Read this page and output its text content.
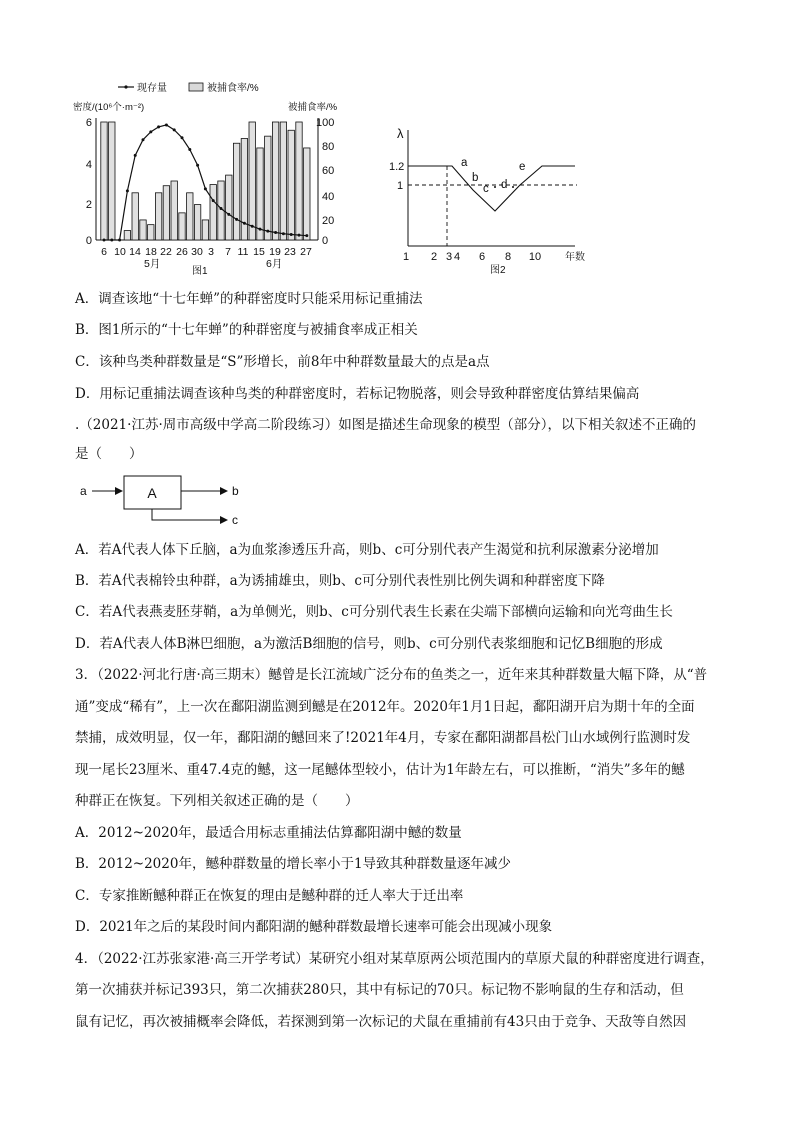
现存量	被捕食率/%
密度/(10⁶个·m⁻²)	被捕食率/%
0
2
4
6
0
20
40
60
80
100
6 10 14 18 22 26 30 3 7 11 15 19 23 27
5月	6月
图1
λ
1.2
1
a
b
c d
e
1 2 3 4 6 8 10 年数
图2
A．调查该地“十七年蝉”的种群密度时只能采用标记重捕法
B．图1所示的“十七年蝉”的种群密度与被捕食率成正相关
C．该种鸟类种群数量是“S”形增长，前8年中种群数量最大的点是a点
D．用标记重捕法调查该种鸟类的种群密度时，若标记物脱落，则会导致种群密度估算结果偏高
.（2021·江苏·周市高级中学高二阶段练习）如图是描述生命现象的模型（部分），以下相关叙述不正确的
是（　　）
a	A	b
c
A．若A代表人体下丘脑，a为血浆渗透压升高，则b、c可分别代表产生渴觉和抗利尿激素分泌增加
B．若A代表棉铃虫种群，a为诱捕雄虫，则b、c可分别代表性别比例失调和种群密度下降
C．若A代表燕麦胚芽鞘，a为单侧光，则b、c可分别代表生长素在尖端下部横向运输和向光弯曲生长
D．若A代表人体B淋巴细胞，a为激活B细胞的信号，则b、c可分别代表浆细胞和记忆B细胞的形成
3．（2022·河北行唐·高三期末）鳡曾是长江流域广泛分布的鱼类之一，近年来其种群数量大幅下降，从“普
通”变成“稀有”，上一次在鄱阳湖监测到鳡是在2012年。2020年1月1日起，鄱阳湖开启为期十年的全面
禁捕，成效明显，仅一年，鄱阳湖的鳡回来了!2021年4月，专家在鄱阳湖都昌松门山水域例行监测时发
现一尾长23厘米、重47.4克的鳡，这一尾鳡体型较小，估计为1年龄左右，可以推断，“消失”多年的鳡
种群正在恢复。下列相关叙述正确的是（　　）
A．2012~2020年，最适合用标志重捕法估算鄱阳湖中鳡的数量
B．2012~2020年，鳡种群数量的增长率小于1导致其种群数量逐年减少
C．专家推断鳡种群正在恢复的理由是鳡种群的迁人率大于迁出率
D．2021年之后的某段时间内鄱阳湖的鳡种群数最增长速率可能会出现减小现象
4．（2022·江苏张家港·高三开学考试）某研究小组对某草原两公顷范围内的草原犬鼠的种群密度进行调查，
第一次捕获并标记393只，第二次捕获280只，其中有标记的70只。标记物不影响鼠的生存和活动，但
鼠有记忆，再次被捕概率会降低，若探测到第一次标记的犬鼠在重捕前有43只由于竞争、天敌等自然因
